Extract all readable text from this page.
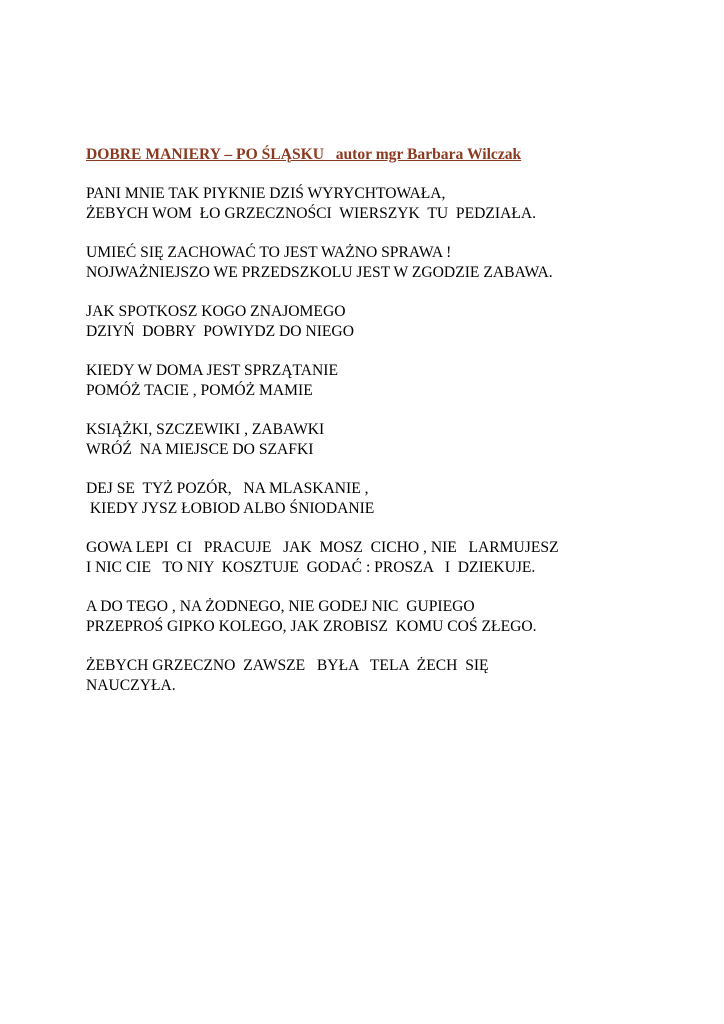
DOBRE MANIERY – PO ŚLĄSKU   autor mgr Barbara Wilczak
PANI MNIE TAK PIYKNIE DZIŚ WYRYCHTOWAŁA,
ŻEBYCH WOM  ŁO GRZECZNOŚCI  WIERSZYK  TU  PEDZIAŁA.
UMIEĆ SIĘ ZACHOWAĆ TO JEST WAŻNO SPRAWA !
NOJWAŻNIEJSZO WE PRZEDSZKOLU JEST W ZGODZIE ZABAWA.
JAK SPOTKOSZ KOGO ZNAJOMEGO
DZIYŃ  DOBRY  POWIYDZ DO NIEGO
KIEDY W DOMA JEST SPRZĄTANIE
POMÓŻ TACIE , POMÓŻ MAMIE
KSIĄŻKI, SZCZEWIKI , ZABAWKI
WRÓŹ  NA MIEJSCE DO SZAFKI
DEJ SE  TYŻ POZÓR,   NA MLASKANIE ,
KIEDY JYSZ ŁOBIOD ALBO ŚNIODANIE
GOWA LEPI  CI   PRACUJE   JAK  MOSZ  CICHO , NIE   LARMUJESZ
I NIC CIE   TO NIY  KOSZTUJE  GODAĆ : PROSZA   I  DZIEKUJE.
A DO TEGO , NA ŻODNEGO, NIE GODEJ NIC  GUPIEGO
PRZEPROŚ GIPKO KOLEGO, JAK ZROBISZ  KOMU COŚ ZŁEGO.
ŻEBYCH GRZECZNO  ZAWSZE   BYŁA   TELA  ŻECH  SIĘ
NAUCZYŁA.
